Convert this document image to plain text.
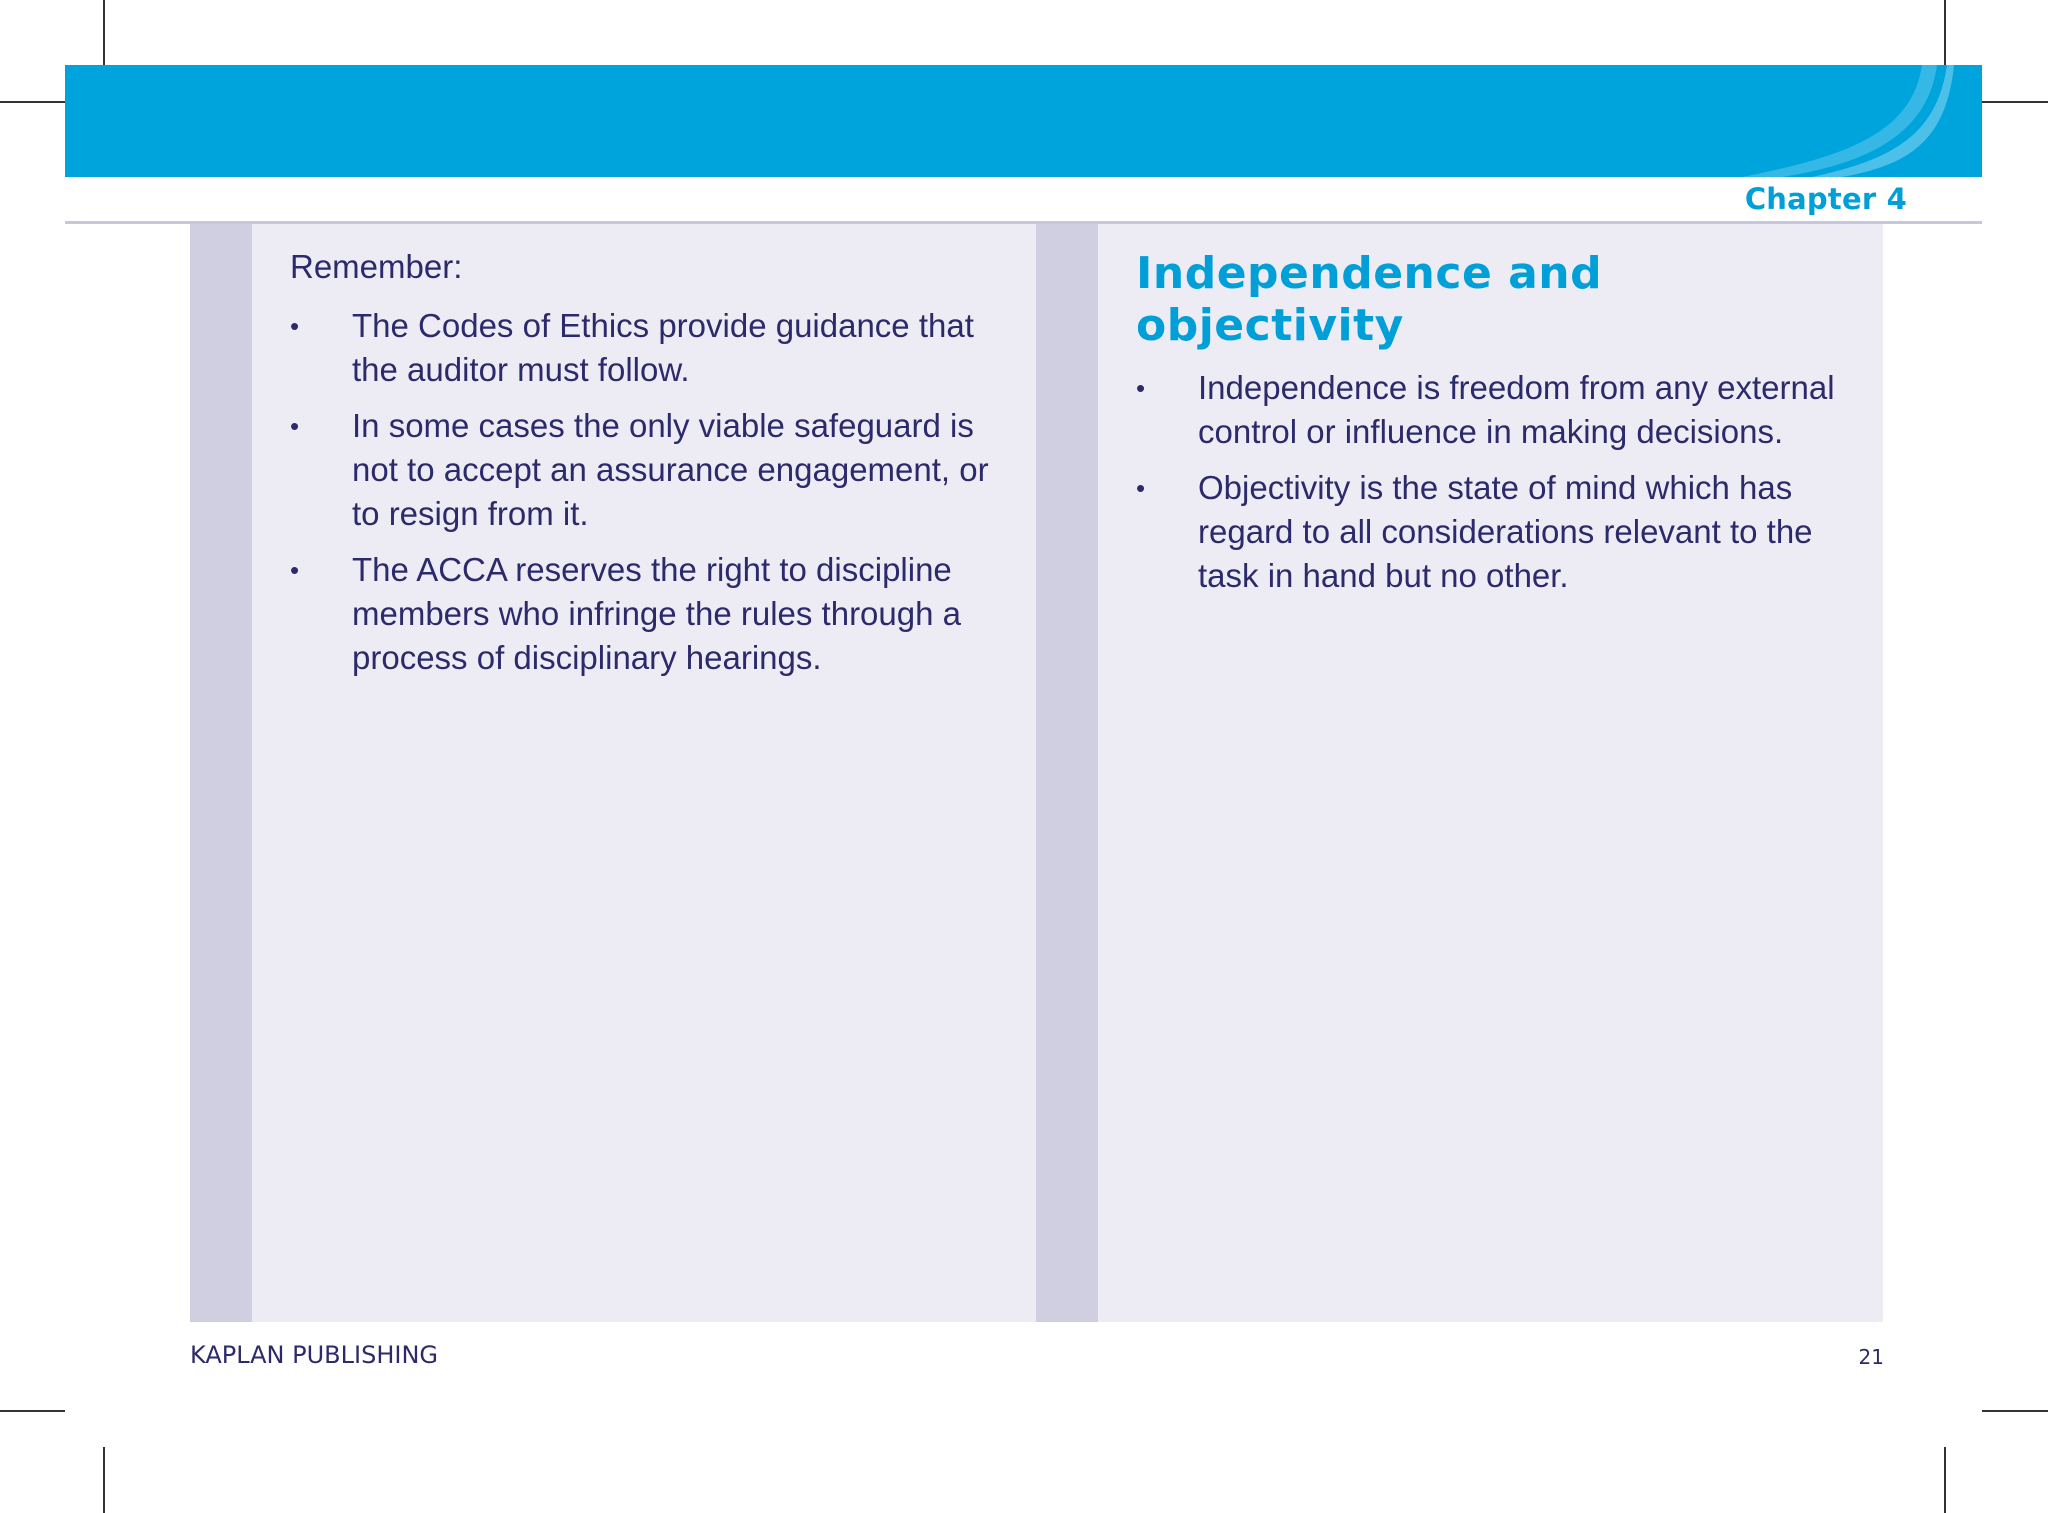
Chapter 4
Remember:
• The Codes of Ethics provide guidance that the auditor must follow.
• In some cases the only viable safeguard is not to accept an assurance engagement, or to resign from it.
• The ACCA reserves the right to discipline members who infringe the rules through a process of disciplinary hearings.
Independence and objectivity
• Independence is freedom from any external control or influence in making decisions.
• Objectivity is the state of mind which has regard to all considerations relevant to the task in hand but no other.
KAPLAN PUBLISHING	21
